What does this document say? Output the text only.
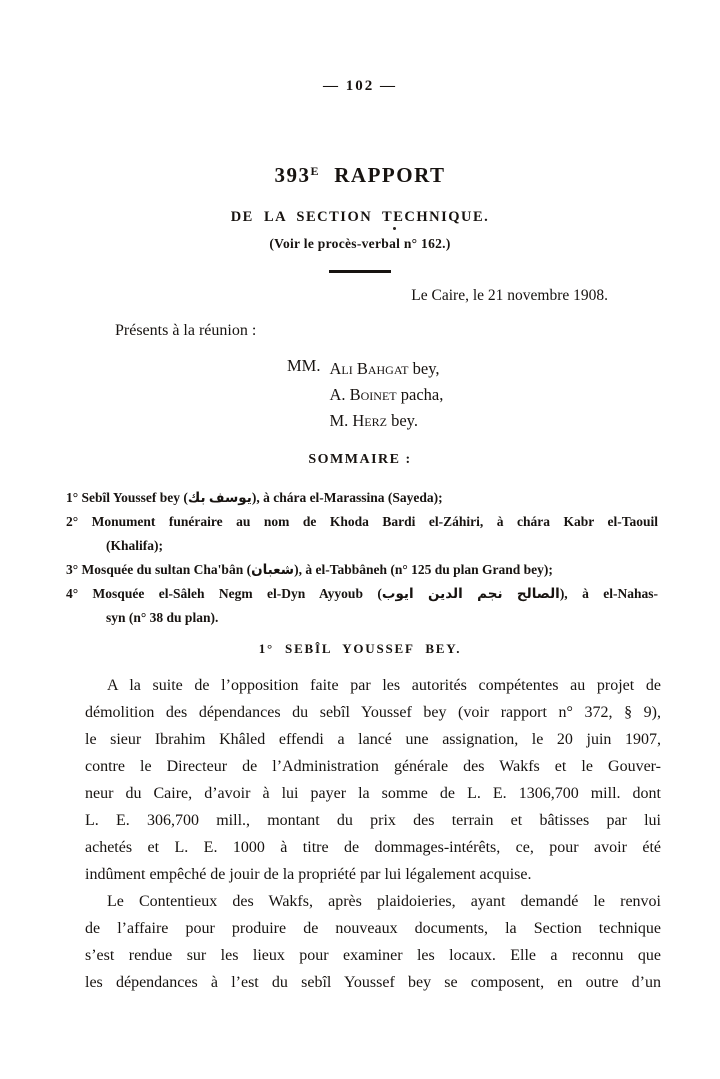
— 102 —
$393^E$ RAPPORT
DE LA SECTION TECHNIQUE.
(Voir le procès-verbal n° 162.)
Le Caire, le 21 novembre 1908.
Présents à la réunion :
MM. Ali Bahgat bey,
A. Boinet pacha,
M. Herz bey.
SOMMAIRE :
1° Sebîl Youssef bey (يوسف بك), à chára el-Marassina (Sayeda);
2° Monument funéraire au nom de Khoda Bardi el-Záhiri, à chára Kabr el-Taouil
(Khalifa);
3° Mosquée du sultan Cha'bân (شعبان), à el-Tabbâneh (n° 125 du plan Grand bey);
4° Mosquée el-Sâleh Negm el-Dyn Ayyoub (الصالح نجم الدين ايوب), à el-Nahas-
syn (n° 38 du plan).
1° SEBÎL YOUSSEF BEY.
A la suite de l’opposition faite par les autorités compétentes au projet de
démolition des dépendances du sebîl Youssef bey (voir rapport n° 372, § 9),
le sieur Ibrahim Khâled effendi a lancé une assignation, le 20 juin 1907,
contre le Directeur de l’Administration générale des Wakfs et le Gouver-
neur du Caire, d’avoir à lui payer la somme de L. E. 1306,700 mill. dont
L. E. 306,700 mill., montant du prix des terrain et bâtisses par lui
achetés et L. E. 1000 à titre de dommages-intérêts, ce, pour avoir été
indûment empêché de jouir de la propriété par lui légalement acquise.
Le Contentieux des Wakfs, après plaidoieries, ayant demandé le renvoi
de l’affaire pour produire de nouveaux documents, la Section technique
s’est rendue sur les lieux pour examiner les locaux. Elle a reconnu que
les dépendances à l’est du sebîl Youssef bey se composent, en outre d’un
